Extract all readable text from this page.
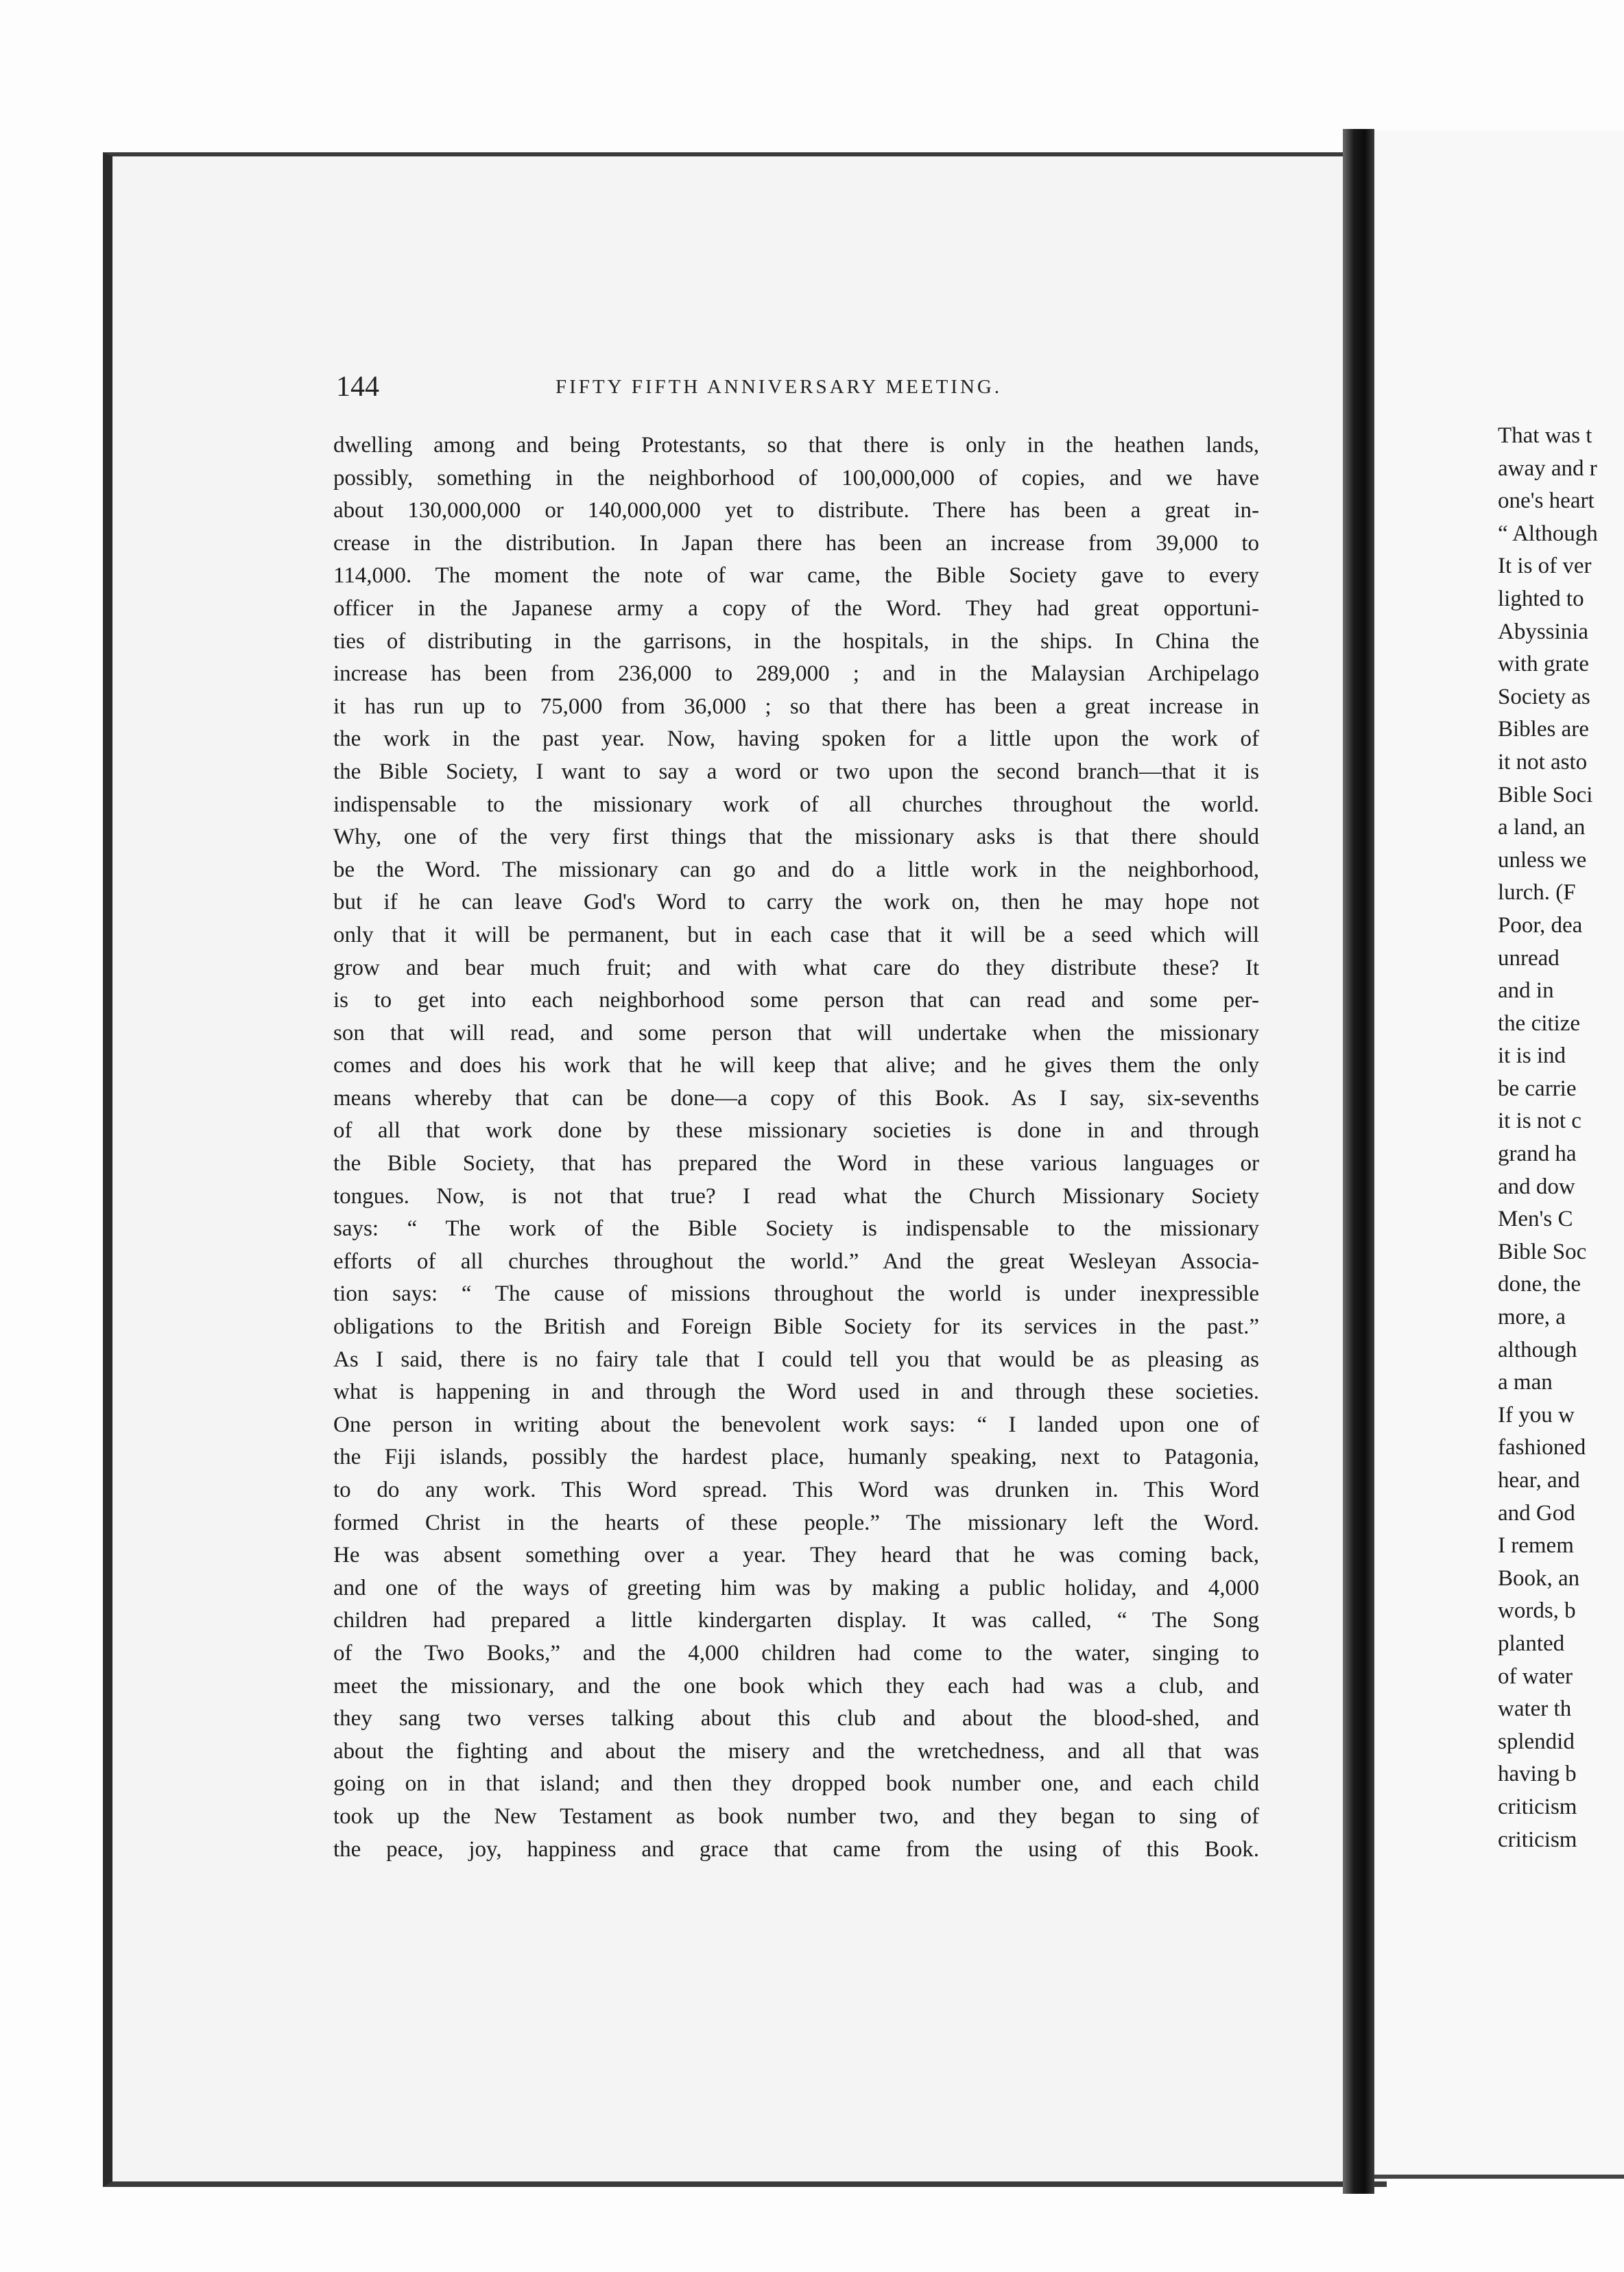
144	FIFTY FIFTH ANNIVERSARY MEETING.
dwelling among and being Protestants, so that there is only in the heathen lands,
possibly, something in the neighborhood of 100,000,000 of copies, and we have
about 130,000,000 or 140,000,000 yet to distribute. There has been a great in-
crease in the distribution. In Japan there has been an increase from 39,000 to
114,000. The moment the note of war came, the Bible Society gave to every
officer in the Japanese army a copy of the Word. They had great opportuni-
ties of distributing in the garrisons, in the hospitals, in the ships. In China the
increase has been from 236,000 to 289,000 ; and in the Malaysian Archipelago
it has run up to 75,000 from 36,000 ; so that there has been a great increase in
the work in the past year. Now, having spoken for a little upon the work of
the Bible Society, I want to say a word or two upon the second branch—that it is
indispensable to the missionary work of all churches throughout the world.
Why, one of the very first things that the missionary asks is that there should
be the Word. The missionary can go and do a little work in the neighborhood,
but if he can leave God's Word to carry the work on, then he may hope not
only that it will be permanent, but in each case that it will be a seed which will
grow and bear much fruit; and with what care do they distribute these? It
is to get into each neighborhood some person that can read and some per-
son that will read, and some person that will undertake when the missionary
comes and does his work that he will keep that alive; and he gives them the only
means whereby that can be done—a copy of this Book. As I say, six-sevenths
of all that work done by these missionary societies is done in and through
the Bible Society, that has prepared the Word in these various languages or
tongues. Now, is not that true? I read what the Church Missionary Society
says: “ The work of the Bible Society is indispensable to the missionary
efforts of all churches throughout the world.” And the great Wesleyan Associa-
tion says: “ The cause of missions throughout the world is under inexpressible
obligations to the British and Foreign Bible Society for its services in the past.”
As I said, there is no fairy tale that I could tell you that would be as pleasing as
what is happening in and through the Word used in and through these societies.
One person in writing about the benevolent work says: “ I landed upon one of
the Fiji islands, possibly the hardest place, humanly speaking, next to Patagonia,
to do any work. This Word spread. This Word was drunken in. This Word
formed Christ in the hearts of these people.” The missionary left the Word.
He was absent something over a year. They heard that he was coming back,
and one of the ways of greeting him was by making a public holiday, and 4,000
children had prepared a little kindergarten display. It was called, “ The Song
of the Two Books,” and the 4,000 children had come to the water, singing to
meet the missionary, and the one book which they each had was a club, and
they sang two verses talking about this club and about the blood-shed, and
about the fighting and about the misery and the wretchedness, and all that was
going on in that island; and then they dropped book number one, and each child
took up the New Testament as book number two, and they began to sing of
the peace, joy, happiness and grace that came from the using of this Book.
That was t
away and r
one's heart
“ Although
It is of ver
lighted to
Abyssinia
with grate
Society as
Bibles are
it not asto
Bible Soci
a land, an
unless we
lurch. (F
Poor, dea
unread
and in
the citize
it is ind
be carrie
it is not c
grand ha
and dow
Men's C
Bible Soc
done, the
more, a
although
a man
If you w
fashioned
hear, and
and God
I remem
Book, an
words, b
planted
of water
water th
splendid
having b
criticism
criticism
